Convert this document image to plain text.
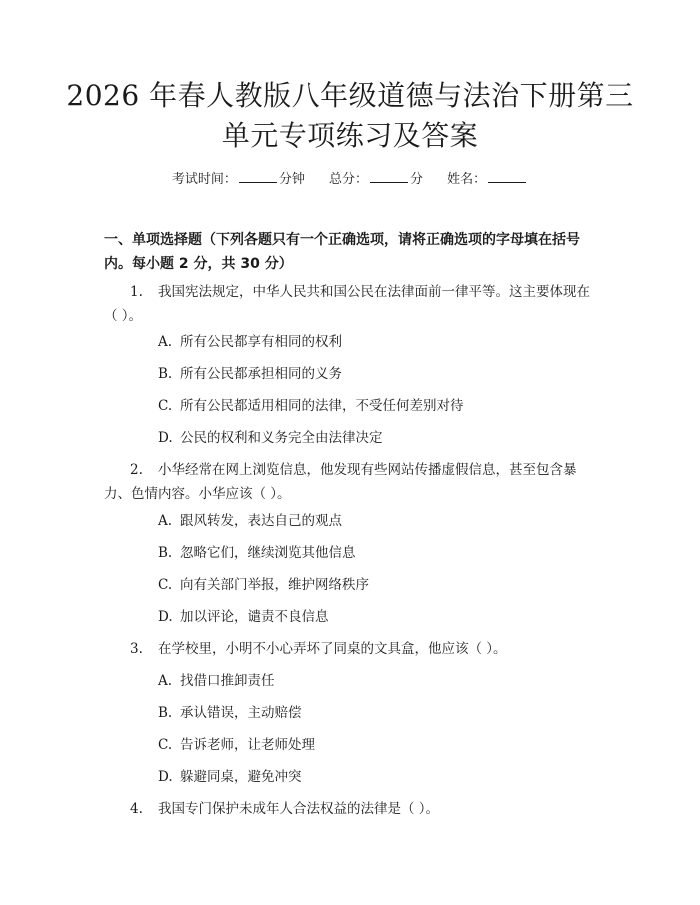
2026 年春人教版八年级道德与法治下册第三
单元专项练习及答案
考试时间：	分钟 总分：	分 姓名：
一、单项选择题（下列各题只有一个正确选项，请将正确选项的字母填在括号
内。每小题 2 分，共 30 分）
1. 我国宪法规定，中华人民共和国公民在法律面前一律平等。这主要体现在
（ ）。
A. 所有公民都享有相同的权利
B. 所有公民都承担相同的义务
C. 所有公民都适用相同的法律，不受任何差别对待
D. 公民的权利和义务完全由法律决定
2. 小华经常在网上浏览信息，他发现有些网站传播虚假信息，甚至包含暴
力、色情内容。小华应该（ ）。
A. 跟风转发，表达自己的观点
B. 忽略它们，继续浏览其他信息
C. 向有关部门举报，维护网络秩序
D. 加以评论，谴责不良信息
3. 在学校里，小明不小心弄坏了同桌的文具盒，他应该（ ）。
A. 找借口推卸责任
B. 承认错误，主动赔偿
C. 告诉老师，让老师处理
D. 躲避同桌，避免冲突
4. 我国专门保护未成年人合法权益的法律是（ ）。
